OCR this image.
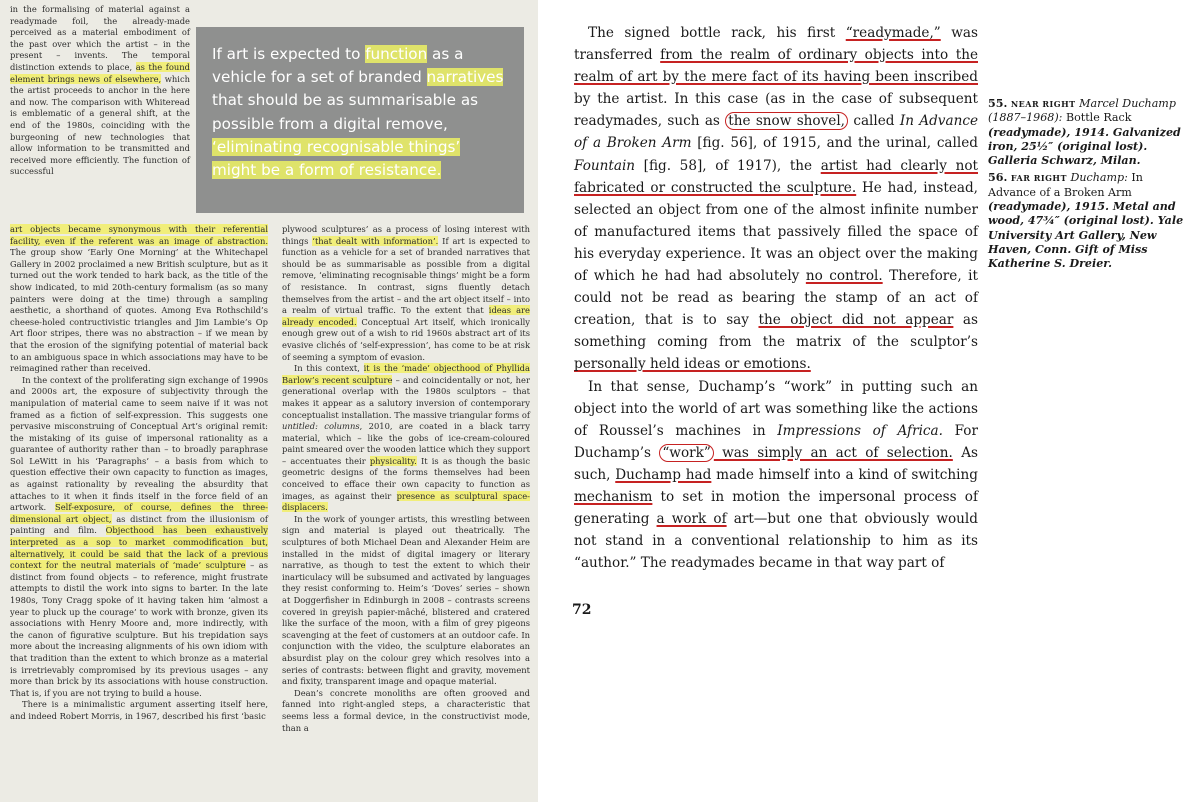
in the formalising of material against a readymade foil, the already-made perceived as a material embodiment of the past over which the artist – in the present – invents. The temporal distinction extends to place, as the found element brings news of elsewhere, which the artist proceeds to anchor in the here and now. The comparison with Whiteread is emblematic of a general shift, at the end of the 1980s, coinciding with the burgeoning of new technologies that allow information to be transmitted and received more efficiently. The function of successful

If art is expected to function as a vehicle for a set of branded narratives that should be as summarisable as possible from a digital remove, ‘eliminating recognisable things’ might be a form of resistance.

art objects became synonymous with their referential facility, even if the referent was an image of abstraction. The group show ‘Early One Morning’ at the Whitechapel Gallery in 2002 proclaimed a new British sculpture, but as it turned out the work tended to hark back, as the title of the show indicated, to mid 20th-century formalism (as so many painters were doing at the time) through a sampling aesthetic, a shorthand of quotes. Among Eva Rothschild’s cheese-holed contructivistic triangles and Jim Lambie’s Op Art floor stripes, there was no abstraction – if we mean by that the erosion of the signifying potential of material back to an ambiguous space in which associations may have to be reimagined rather than received.

In the context of the proliferating sign exchange of 1990s and 2000s art, the exposure of subjectivity through the manipulation of material came to seem naive if it was not framed as a fiction of self-expression. This suggests one pervasive misconstruing of Conceptual Art’s original remit: the mistaking of its guise of impersonal rationality as a guarantee of authority rather than – to broadly paraphrase Sol LeWitt in his ‘Paragraphs’ – a basis from which to question effective their own capacity to function as images, as against rationality by revealing the absurdity that attaches to it when it finds itself in the force field of an artwork. Self-exposure, of course, defines the three-dimensional art object, as distinct from the illusionism of painting and film. Objecthood has been exhaustively interpreted as a sop to market commodification but, alternatively, it could be said that the lack of a previous context for the neutral materials of ‘made’ sculpture – as distinct from found objects – to reference, might frustrate attempts to distil the work into signs to barter. In the late 1980s, Tony Cragg spoke of it having taken him ‘almost a year to pluck up the courage’ to work with bronze, given its associations with Henry Moore and, more indirectly, with the canon of figurative sculpture. But his trepidation says more about the increasing alignments of his own idiom with that tradition than the extent to which bronze as a material is irretrievably compromised by its previous usages – any more than brick by its associations with house construction. That is, if you are not trying to build a house.

There is a minimalistic argument asserting itself here, and indeed Robert Morris, in 1967, described his first ‘basic

plywood sculptures’ as a process of losing interest with things ‘that dealt with information’. If art is expected to function as a vehicle for a set of branded narratives that should be as summarisable as possible from a digital remove, ‘eliminating recognisable things’ might be a form of resistance. In contrast, signs fluently detach themselves from the artist – and the art object itself – into a realm of virtual traffic. To the extent that ideas are already encoded. Conceptual Art itself, which ironically enough grew out of a wish to rid 1960s abstract art of its evasive clichés of ‘self-expression’, has come to be at risk of seeming a symptom of evasion.

In this context, it is the ‘made’ objecthood of Phyllida Barlow’s recent sculpture – and coincidentally or not, her generational overlap with the 1980s sculptors – that makes it appear as a salutory inversion of contemporary conceptualist installation. The massive triangular forms of untitled: columns, 2010, are coated in a black tarry material, which – like the gobs of ice-cream-coloured paint smeared over the wooden lattice which they support – accentuates their physicality. It is as though the basic geometric designs of the forms themselves had been conceived to efface their own capacity to function as images, as against their presence as sculptural space-displacers.

In the work of younger artists, this wrestling between sign and material is played out theatrically. The sculptures of both Michael Dean and Alexander Heim are installed in the midst of digital imagery or literary narrative, as though to test the extent to which their inarticulacy will be subsumed and activated by languages they resist conforming to. Heim’s ‘Doves’ series – shown at Doggerfisher in Edinburgh in 2008 – contrasts screens covered in greyish papier-mâché, blistered and cratered like the surface of the moon, with a film of grey pigeons scavenging at the feet of customers at an outdoor cafe. In conjunction with the video, the sculpture elaborates an absurdist play on the colour grey which resolves into a series of contrasts: between flight and gravity, movement and fixity, transparent image and opaque material.

Dean’s concrete monoliths are often grooved and fanned into right-angled steps, a characteristic that seems less a formal device, in the constructivist mode, than a

The signed bottle rack, his first “readymade,” was transferred from the realm of ordinary objects into the realm of art by the mere fact of its having been inscribed by the artist. In this case (as in the case of subsequent readymades, such as the snow shovel, called In Advance of a Broken Arm [fig. 56], of 1915, and the urinal, called Fountain [fig. 58], of 1917), the artist had clearly not fabricated or constructed the sculpture. He had, instead, selected an object from one of the almost infinite number of manufactured items that passively filled the space of his everyday experience. It was an object over the making of which he had had absolutely no control. Therefore, it could not be read as bearing the stamp of an act of creation, that is to say the object did not appear as something coming from the matrix of the sculptor’s personally held ideas or emotions.

In that sense, Duchamp’s “work” in putting such an object into the world of art was something like the actions of Roussel’s machines in Impressions of Africa. For Duchamp’s “work” was simply an act of selection. As such, Duchamp had made himself into a kind of switching mechanism to set in motion the impersonal process of generating a work of art—but one that obviously would not stand in a conventional relationship to him as its “author.” The readymades became in that way part of

55. NEAR RIGHT Marcel Duchamp (1887–1968): Bottle Rack (readymade), 1914. Galvanized iron, 25½″ (original lost). Galleria Schwarz, Milan.
56. FAR RIGHT Duchamp: In Advance of a Broken Arm (readymade), 1915. Metal and wood, 47¾″ (original lost). Yale University Art Gallery, New Haven, Conn. Gift of Miss Katherine S. Dreier.
72
